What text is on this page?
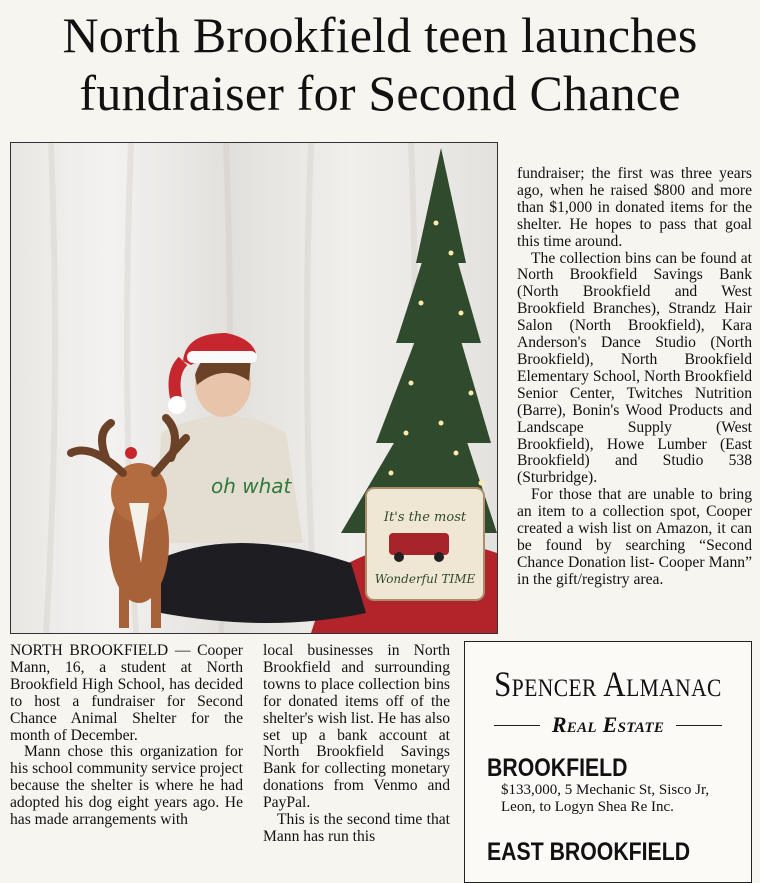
North Brookfield teen launches
fundraiser for Second Chance
It's the most
Wonderful TIME
oh what

fundraiser; the first was three years ago, when he raised $800 and more than $1,000 in donated items for the shelter. He hopes to pass that goal this time around.

The collection bins can be found at North Brookfield Savings Bank (North Brookfield and West Brookfield Branches), Strandz Hair Salon (North Brookfield), Kara Anderson's Dance Studio (North Brookfield), North Brookfield Elementary School, North Brookfield Senior Center, Twitches Nutrition (Barre), Bonin's Wood Products and Landscape Supply (West Brookfield), Howe Lumber (East Brookfield) and Studio 538 (Sturbridge).

For those that are unable to bring an item to a collection spot, Cooper created a wish list on Amazon, it can be found by searching “Second Chance Donation list- Cooper Mann” in the gift/registry area.

NORTH BROOKFIELD — Cooper Mann, 16, a student at North Brookfield High School, has decided to host a fundraiser for Second Chance Animal Shelter for the month of December.

Mann chose this organization for his school community service project because the shelter is where he had adopted his dog eight years ago. He has made arrangements with

local businesses in North Brookfield and surrounding towns to place collection bins for donated items off of the shelter's wish list. He has also set up a bank account at North Brookfield Savings Bank for collecting monetary donations from Venmo and PayPal.

This is the second time that Mann has run this

Spencer Almanac
Real Estate
BROOKFIELD
$133,000, 5 Mechanic St, Sisco Jr, Leon, to Logyn Shea Re Inc.
EAST BROOKFIELD
